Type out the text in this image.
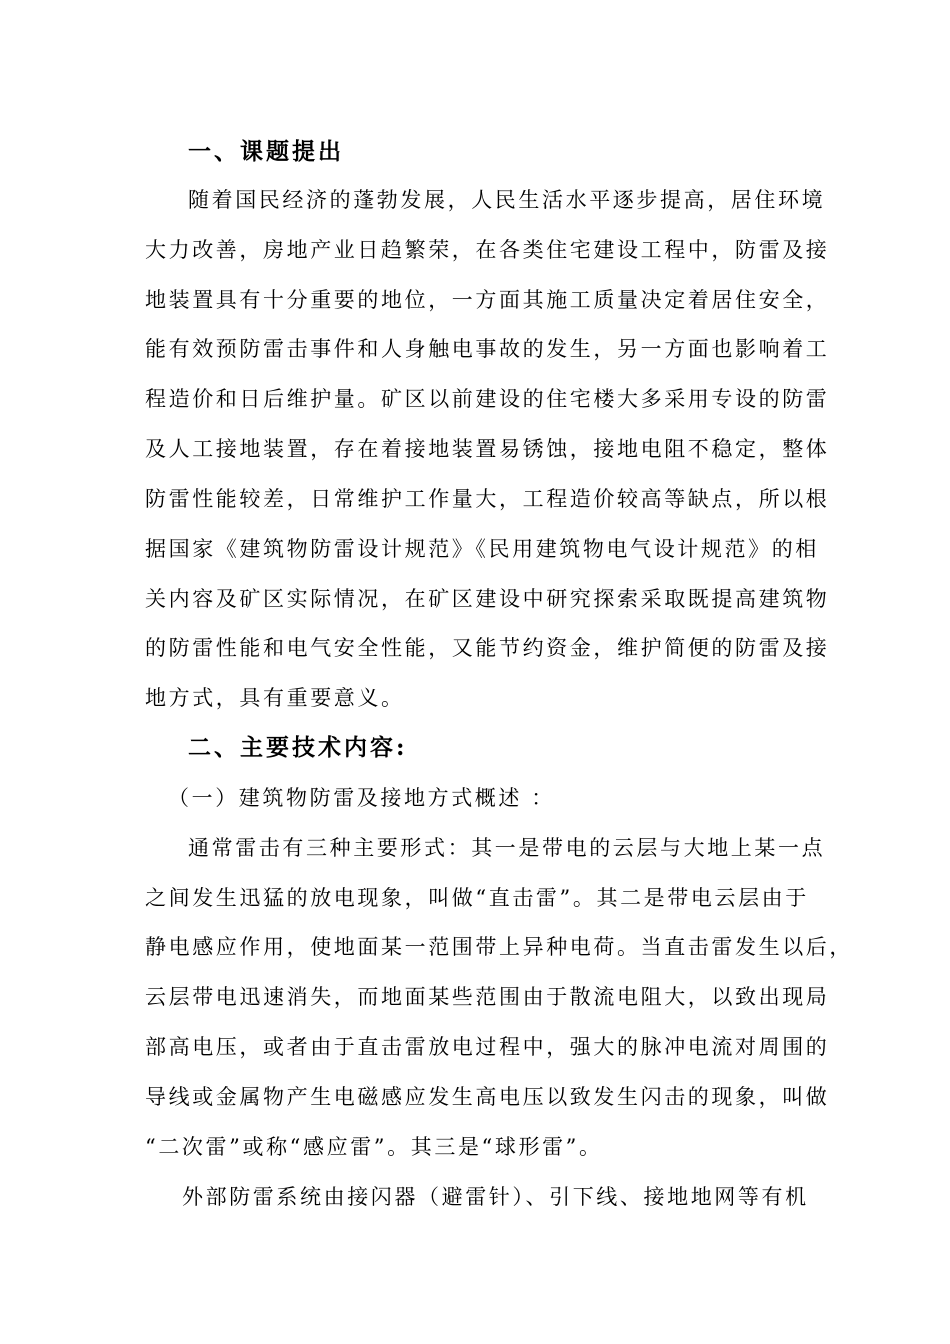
一、课题提出
随着国民经济的蓬勃发展，人民生活水平逐步提高，居住环境
大力改善，房地产业日趋繁荣，在各类住宅建设工程中，防雷及接
地装置具有十分重要的地位，一方面其施工质量决定着居住安全，
能有效预防雷击事件和人身触电事故的发生，另一方面也影响着工
程造价和日后维护量。矿区以前建设的住宅楼大多采用专设的防雷
及人工接地装置，存在着接地装置易锈蚀，接地电阻不稳定，整体
防雷性能较差，日常维护工作量大，工程造价较高等缺点，所以根
据国家《建筑物防雷设计规范》《民用建筑物电气设计规范》的相
关内容及矿区实际情况，在矿区建设中研究探索采取既提高建筑物
的防雷性能和电气安全性能，又能节约资金，维护简便的防雷及接
地方式，具有重要意义。
二、主要技术内容:
（一）建筑物防雷及接地方式概述 ：
通常雷击有三种主要形式：其一是带电的云层与大地上某一点
之间发生迅猛的放电现象，叫做“直击雷”。其二是带电云层由于
静电感应作用，使地面某一范围带上异种电荷。当直击雷发生以后，
云层带电迅速消失，而地面某些范围由于散流电阻大，以致出现局
部高电压，或者由于直击雷放电过程中，强大的脉冲电流对周围的
导线或金属物产生电磁感应发生高电压以致发生闪击的现象，叫做
“二次雷”或称“感应雷”。其三是“球形雷”。
外部防雷系统由接闪器（避雷针）、引下线、接地地网等有机
